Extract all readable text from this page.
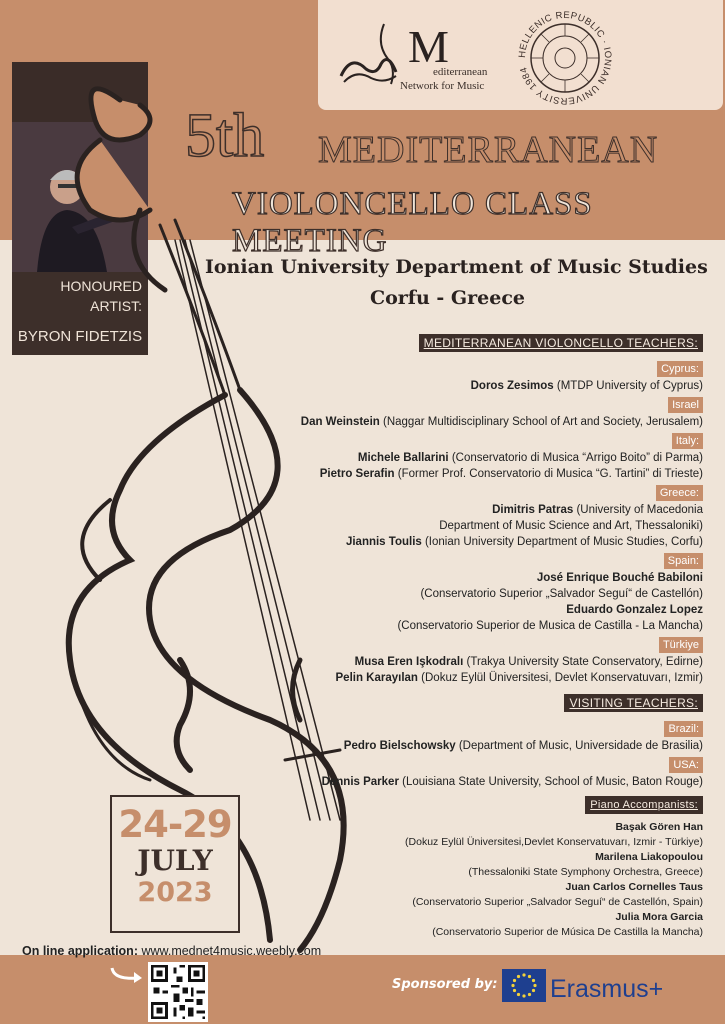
M
editerranean
Network for Music
HELLENIC REPUBLIC · IONIAN UNIVERSITY 1984
HONOURED
ARTIST:
BYRON FIDETZIS
5th MEDITERRANEAN
VIOLONCELLO CLASS MEETING
Ionian University Department of Music Studies
Corfu - Greece
MEDITERRANEAN VIOLONCELLO TEACHERS:
Cyprus:
Doros Zesimos (MTDP University of Cyprus)
Israel
Dan Weinstein (Naggar Multidisciplinary School of Art and Society, Jerusalem)
Italy:
Michele Ballarini (Conservatorio di Musica “Arrigo Boito” di Parma)
Pietro Serafin (Former Prof. Conservatorio di Musica “G. Tartini” di Trieste)
Greece:
Dimitris Patras (University of Macedonia
Department of Music Science and Art, Thessaloniki)
Jiannis Toulis (Ionian University Department of Music Studies, Corfu)
Spain:
José Enrique Bouché Babiloni
(Conservatorio Superior „Salvador Seguí“ de Castellón)
Eduardo Gonzalez Lopez
(Conservatorio Superior de Musica de Castilla - La Mancha)
Türkiye
Musa Eren Işkodralı (Trakya University State Conservatory, Edirne)
Pelin Karayılan (Dokuz Eylül Üniversitesi, Devlet Konservatuvarı, Izmir)
VISITING TEACHERS:
Brazil:
Pedro Bielschowsky (Department of Music, Universidade de Brasilia)
USA:
Dennis Parker (Louisiana State University, School of Music, Baton Rouge)
Piano Accompanists:
Başak Gören Han
(Dokuz Eylül Üniversitesi,Devlet Konservatuvarı, Izmir - Türkiye)
Marilena Liakopoulou
(Thessaloniki State Symphony Orchestra, Greece)
Juan Carlos Cornelles Taus
(Conservatorio Superior „Salvador Seguí“ de Castellón, Spain)
Julia Mora Garcia
(Conservatorio Superior de Música De Castilla la Mancha)
24-29
JULY
2023
On line application: www.mednet4music.weebly.com
Sponsored by: Erasmus+
